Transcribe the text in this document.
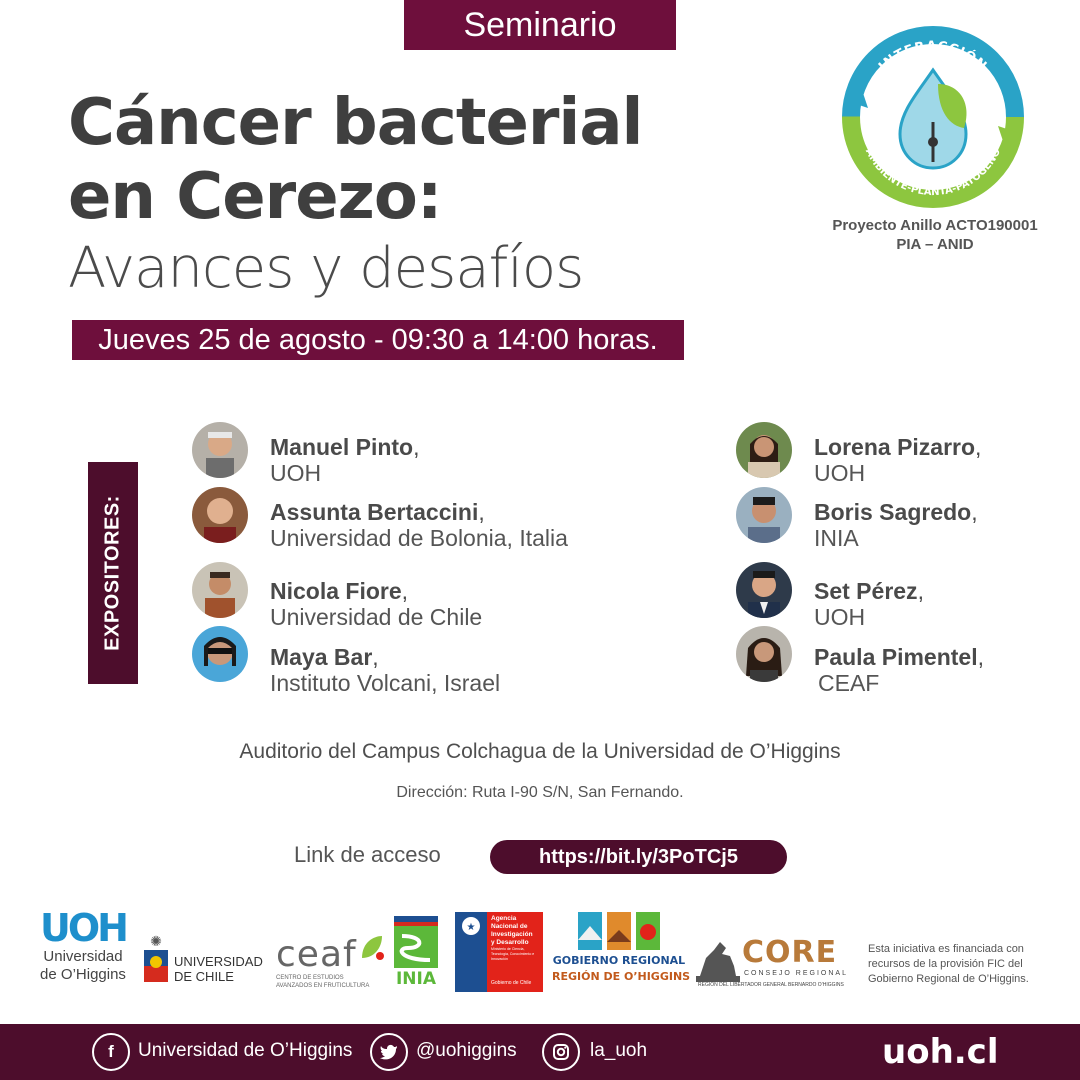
Seminario
Cáncer bacterial
en Cerezo:
Avances y desafíos
Jueves 25 de agosto - 09:30 a 14:00 horas.
INTERACCIÓN
AMBIENTE-PLANTA-PATÓGENO
Proyecto Anillo ACTO190001
PIA – ANID
EXPOSITORES:
Manuel Pinto,
UOH
Assunta Bertaccini,
Universidad de Bolonia, Italia
Nicola Fiore,
Universidad de Chile
Maya Bar,
Instituto Volcani, Israel
Lorena Pizarro,
UOH
Boris Sagredo,
INIA
Set Pérez,
UOH
Paula Pimentel,
CEAF
Auditorio del Campus Colchagua de la Universidad de O’Higgins
Dirección: Ruta I-90 S/N, San Fernando.
Link de acceso	https://bit.ly/3PoTCj5
UOH
Universidad
de O’Higgins
✺
UNIVERSIDAD
DE CHILE
ceaf
CENTRO DE ESTUDIOS
AVANZADOS EN FRUTICULTURA	INIA
★
Agencia
Nacional de
Investigación
y Desarrollo
Ministerio de Ciencia, Tecnología, Conocimiento e Innovación
Gobierno de Chile
GOBIERNO REGIONAL
REGIÓN DE O’HIGGINS
CORE
CONSEJO REGIONAL
REGIÓN DEL LIBERTADOR GENERAL BERNARDO O’HIGGINS
Esta iniciativa es financiada con recursos de la provisión FIC del Gobierno Regional de O’Higgins.
f	Universidad de O’Higgins	@uohiggins	la_uoh	uoh.cl
